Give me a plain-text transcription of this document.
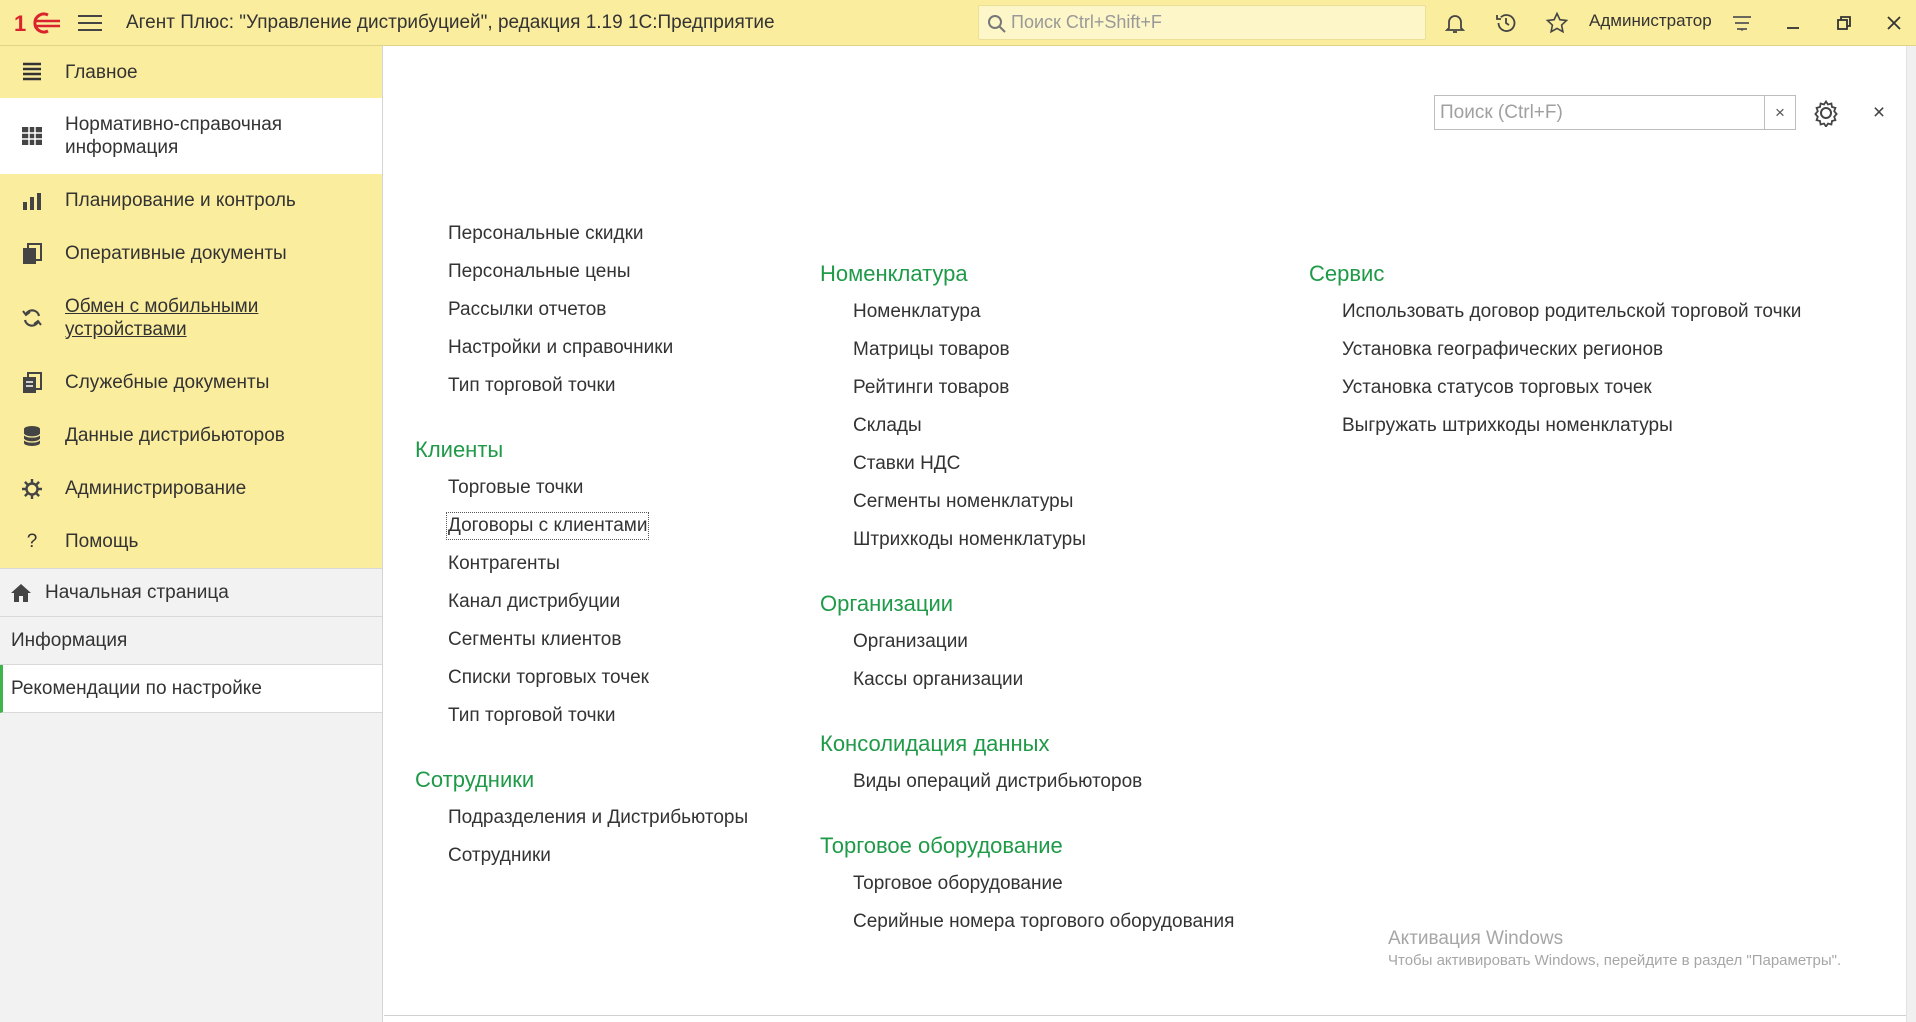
1	Агент Плюс: "Управление дистрибуцией", редакция 1.19 1С:Предприятие
Поиск Ctrl+Shift+F	Администратор
Главное
Нормативно-справочная информация
Планирование и контроль
Оперативные документы
Обмен с мобильными устройствами
Служебные документы
Данные дистрибьюторов
Администрирование
?	Помощь
Начальная страница
Информация
Рекомендации по настройке
Поиск (Ctrl+F)
×	×
Персональные скидки
Персональные цены
Рассылки отчетов
Настройки и справочники
Тип торговой точки
Клиенты
Торговые точки
Договоры с клиентами
Контрагенты
Канал дистрибуции
Сегменты клиентов
Списки торговых точек
Тип торговой точки
Сотрудники
Подразделения и Дистрибьюторы
Сотрудники
Номенклатура
Номенклатура
Матрицы товаров
Рейтинги товаров
Склады
Ставки НДС
Сегменты номенклатуры
Штрихкоды номенклатуры
Организации
Организации
Кассы организации
Консолидация данных
Виды операций дистрибьюторов
Торговое оборудование
Торговое оборудование
Серийные номера торгового оборудования
Сервис
Использовать договор родительской торговой точки
Установка географических регионов
Установка статусов торговых точек
Выгружать штрихкоды номенклатуры
Активация Windows
Чтобы активировать Windows, перейдите в раздел "Параметры".
